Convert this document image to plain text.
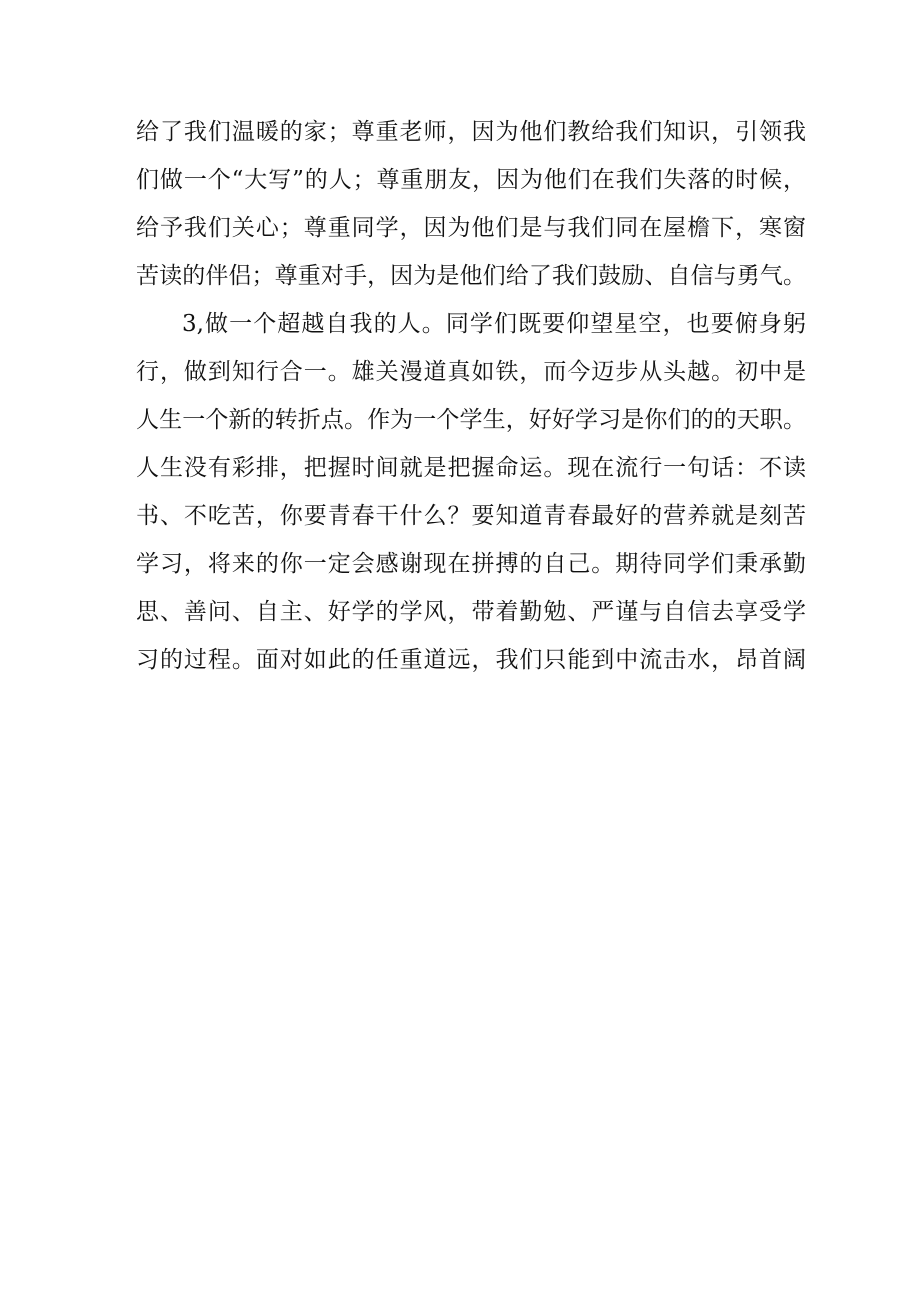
给了我们温暖的家；尊重老师，因为他们教给我们知识，引领我
们做一个“大写”的人；尊重朋友，因为他们在我们失落的时候，
给予我们关心；尊重同学，因为他们是与我们同在屋檐下，寒窗
苦读的伴侣；尊重对手，因为是他们给了我们鼓励、自信与勇气。
3,做一个超越自我的人。同学们既要仰望星空，也要俯身躬
行，做到知行合一。雄关漫道真如铁，而今迈步从头越。初中是
人生一个新的转折点。作为一个学生，好好学习是你们的的天职。
人生没有彩排，把握时间就是把握命运。现在流行一句话：不读
书、不吃苦，你要青春干什么？要知道青春最好的营养就是刻苦
学习，将来的你一定会感谢现在拼搏的自己。期待同学们秉承勤
思、善问、自主、好学的学风，带着勤勉、严谨与自信去享受学
习的过程。面对如此的任重道远，我们只能到中流击水，昂首阔
